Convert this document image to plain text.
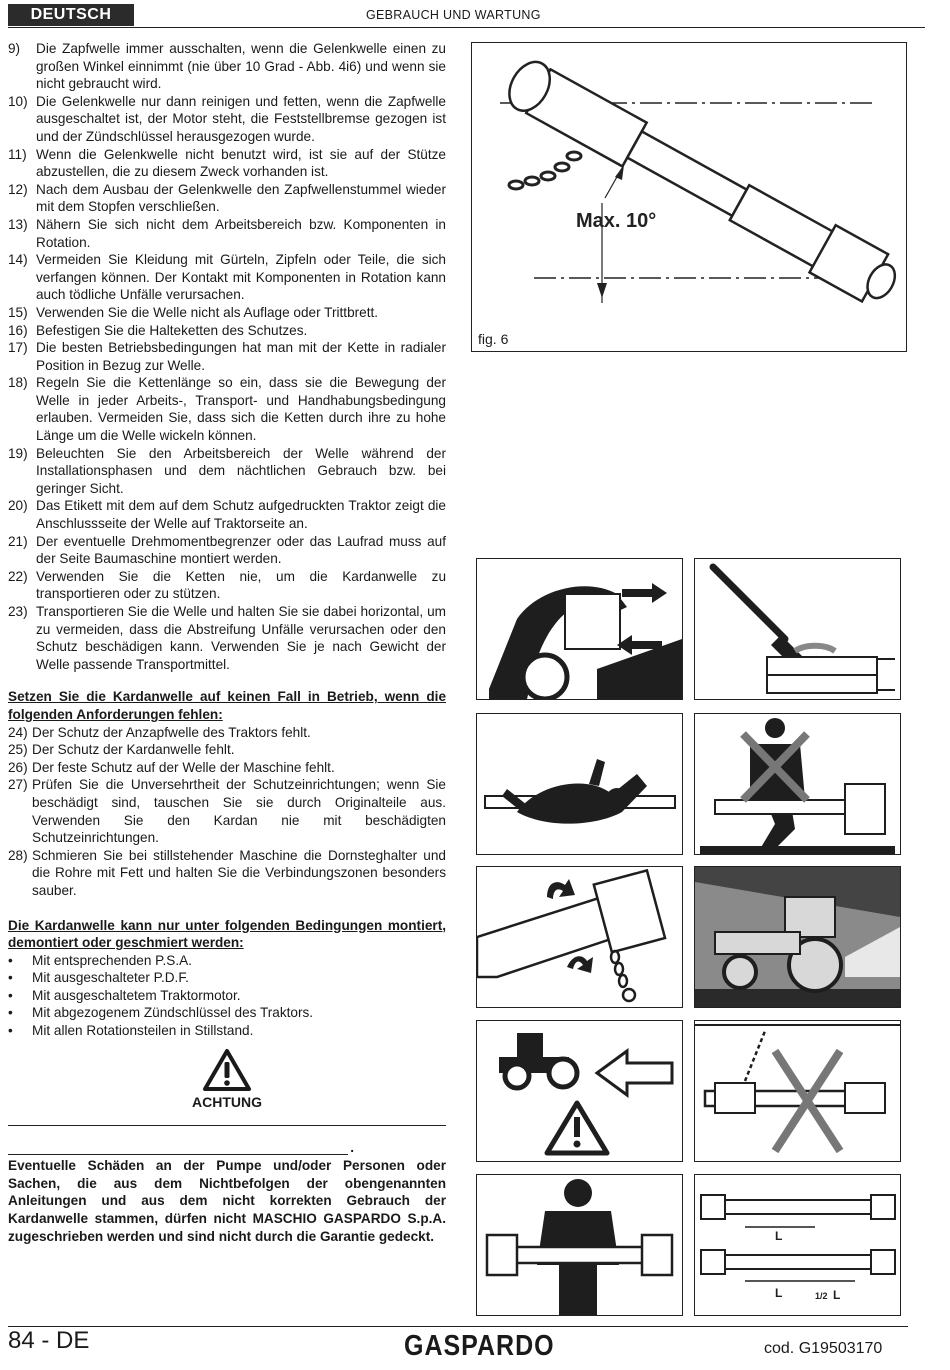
DEUTSCH	GEBRAUCH UND WARTUNG
9)	Die Zapfwelle immer ausschalten, wenn die Gelenkwelle einen zu großen Winkel einnimmt (nie über 10 Grad - Abb. 4i6) und wenn sie nicht gebraucht wird.
10) Die Gelenkwelle nur dann reinigen und fetten, wenn die Zapfwelle ausgeschaltet ist, der Motor steht, die Feststellbremse gezogen ist und der Zündschlüssel herausgezogen wurde.
11) Wenn die Gelenkwelle nicht benutzt wird, ist sie auf der Stütze abzustellen, die zu diesem Zweck vorhanden ist.
12) Nach dem Ausbau der Gelenkwelle den Zapfwellenstummel wieder mit dem Stopfen verschließen.
13) Nähern Sie sich nicht dem Arbeitsbereich bzw. Komponenten in Rotation.
14) Vermeiden Sie Kleidung mit Gürteln, Zipfeln oder Teile, die sich verfangen können. Der Kontakt mit Komponenten in Rotation kann auch tödliche Unfälle verursachen.
15) Verwenden Sie die Welle nicht als Auflage oder Trittbrett.
16) Befestigen Sie die Halteketten des Schutzes.
17) Die besten Betriebsbedingungen hat man mit der Kette in radialer Position in Bezug zur Welle.
18) Regeln Sie die Kettenlänge so ein, dass sie die Bewegung der Welle in jeder Arbeits-, Transport- und Handhabungsbedingung erlauben. Vermeiden Sie, dass sich die Ketten durch ihre zu hohe Länge um die Welle wickeln können.
19) Beleuchten Sie den Arbeitsbereich der Welle während der Installationsphasen und dem nächtlichen Gebrauch bzw. bei geringer Sicht.
20) Das Etikett mit dem auf dem Schutz aufgedruckten Traktor zeigt die Anschlussseite der Welle auf Traktorseite an.
21) Der eventuelle Drehmomentbegrenzer oder das Laufrad muss auf der Seite Baumaschine montiert werden.
22) Verwenden Sie die Ketten nie, um die Kardanwelle zu transportieren oder zu stützen.
23) Transportieren Sie die Welle und halten Sie sie dabei horizontal, um zu vermeiden, dass die Abstreifung Unfälle verursachen oder den Schutz beschädigen kann. Verwenden Sie je nach Gewicht der Welle passende Transportmittel.
Setzen Sie die Kardanwelle auf keinen Fall in Betrieb, wenn die folgenden Anforderungen fehlen:
24) Der Schutz der Anzapfwelle des Traktors fehlt.
25) Der Schutz der Kardanwelle fehlt.
26) Der feste Schutz auf der Welle der Maschine fehlt.
27) Prüfen Sie die Unversehrtheit der Schutzeinrichtungen; wenn Sie beschädigt sind, tauschen Sie sie durch Originalteile aus. Verwenden Sie den Kardan nie mit beschädigten Schutzeinrichtungen.
28) Schmieren Sie bei stillstehender Maschine die Dornsteghalter und die Rohre mit Fett und halten Sie die Verbindungszonen besonders sauber.
Die Kardanwelle kann nur unter folgenden Bedingungen montiert, demontiert oder geschmiert werden:
•	Mit entsprechenden P.S.A.
•	Mit ausgeschalteter P.D.F.
•	Mit ausgeschaltetem Traktormotor.
•	Mit abgezogenem Zündschlüssel des Traktors.
•	Mit allen Rotationsteilen in Stillstand.
ACHTUNG
.
Eventuelle Schäden an der Pumpe und/oder Personen oder Sachen, die aus dem Nichtbefolgen der obengenannten Anleitungen und aus dem nicht korrekten Gebrauch der Kardanwelle stammen, dürfen nicht MASCHIO GASPARDO S.p.A. zugeschrieben werden und sind nicht durch die Garantie gedeckt.
Max. 10°
fig. 6
L
L	1/2 L
84 - DE	GASPARDO	cod. G19503170
